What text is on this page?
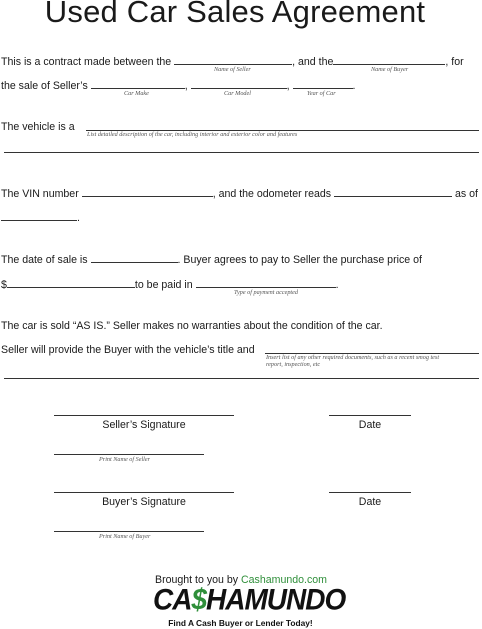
Used Car Sales Agreement
This is a contract made between the	, and the	, for
Name of Seller	Name of Buyer
the sale of Seller’s	,	,	.
Car Make	Car Model	Year of Car
The vehicle is a
List detailed description of the car, including interior and exterior color and features
The VIN number	, and the odometer reads	as of
.
The date of sale is	. Buyer agrees to pay to Seller the purchase price of
$	to be paid in	.
Type of payment accepted
The car is sold “AS IS.” Seller makes no warranties about the condition of the car.
Seller will provide the Buyer with the vehicle’s title and
Insert list of any other required documents, such as a recent smog test
report, inspection, etc
Seller’s Signature	Date
Print Name of Seller
Buyer’s Signature	Date
Print Name of Buyer
Brought to you by Cashamundo.com
CA$HAMUNDO
Find A Cash Buyer or Lender Today!
